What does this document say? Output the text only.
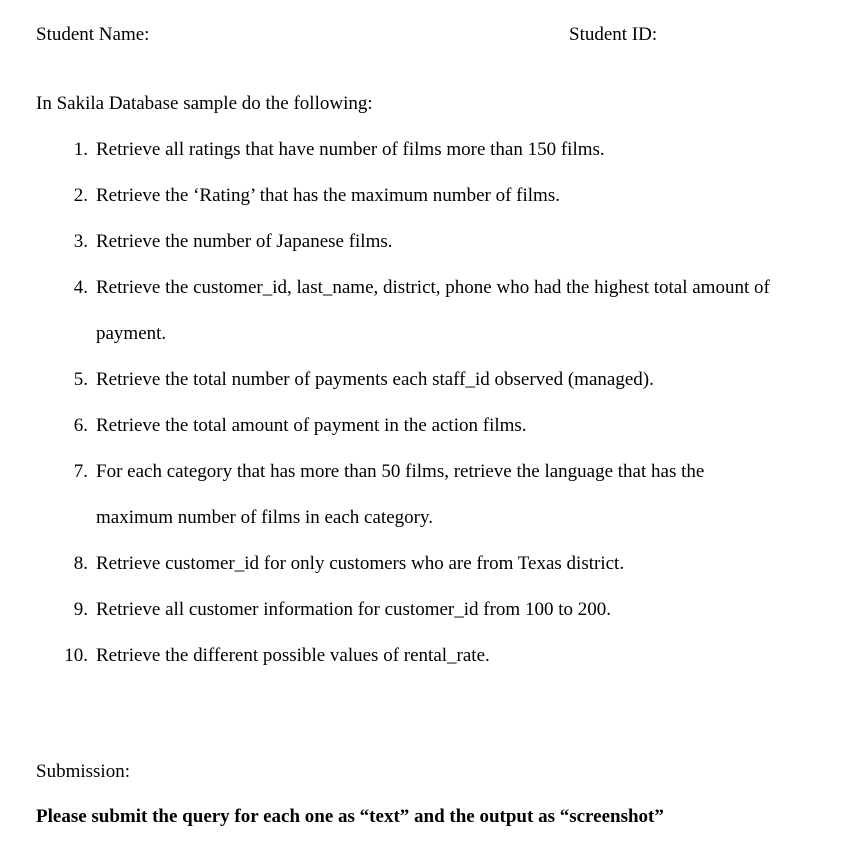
Student Name:	Student ID:
In Sakila Database sample do the following:
1. Retrieve all ratings that have number of films more than 150 films.
2. Retrieve the ‘Rating’ that has the maximum number of films.
3. Retrieve the number of Japanese films.
4. Retrieve the customer_id, last_name, district, phone who had the highest total amount of
payment.
5. Retrieve the total number of payments each staff_id observed (managed).
6. Retrieve the total amount of payment in the action films.
7. For each category that has more than 50 films, retrieve the language that has the
maximum number of films in each category.
8. Retrieve customer_id for only customers who are from Texas district.
9. Retrieve all customer information for customer_id from 100 to 200.
10. Retrieve the different possible values of rental_rate.
Submission:
Please submit the query for each one as “text” and the output as “screenshot”
